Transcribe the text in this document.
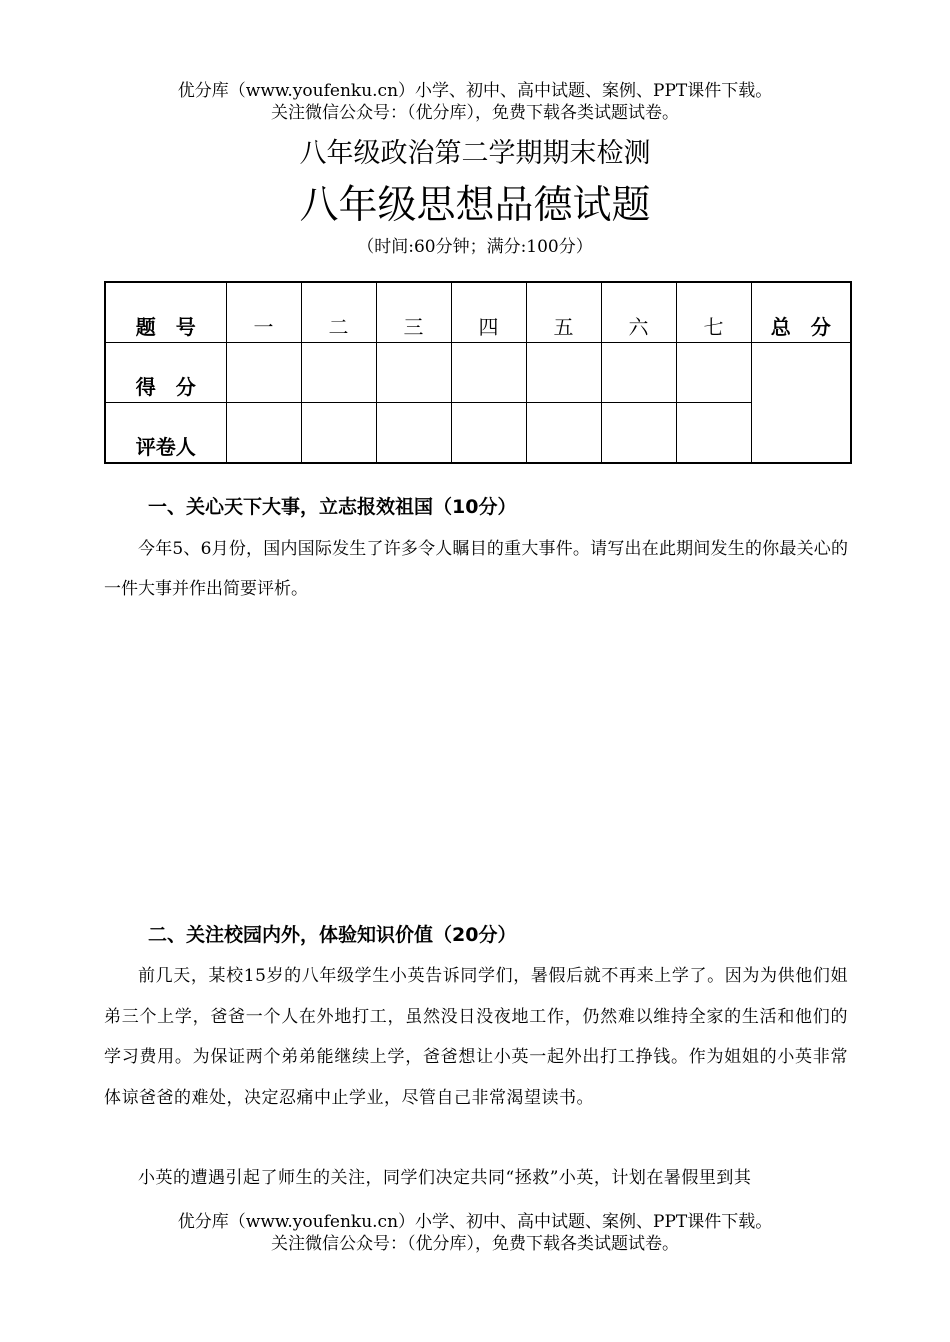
优分库（www.youfenku.cn）小学、初中、高中试题、案例、PPT课件下载。
关注微信公众号：（优分库），免费下载各类试题试卷。
八年级政治第二学期期末检测
八年级思想品德试题
（时间:60分钟；满分:100分）
题　号	一	二	三	四	五	六	七	总　分
得　分								
评卷人								
一、关心天下大事，立志报效祖国（10分）
今年5、6月份，国内国际发生了许多令人瞩目的重大事件。请写出在此期间发生的你最关心的一件大事并作出简要评析。
二、关注校园内外，体验知识价值（20分）
前几天，某校15岁的八年级学生小英告诉同学们，暑假后就不再来上学了。因为为供他们姐弟三个上学，爸爸一个人在外地打工，虽然没日没夜地工作，仍然难以维持全家的生活和他们的学习费用。为保证两个弟弟能继续上学，爸爸想让小英一起外出打工挣钱。作为姐姐的小英非常体谅爸爸的难处，决定忍痛中止学业，尽管自己非常渴望读书。
小英的遭遇引起了师生的关注，同学们决定共同“拯救”小英，计划在暑假里到其
优分库（www.youfenku.cn）小学、初中、高中试题、案例、PPT课件下载。
关注微信公众号：（优分库），免费下载各类试题试卷。
